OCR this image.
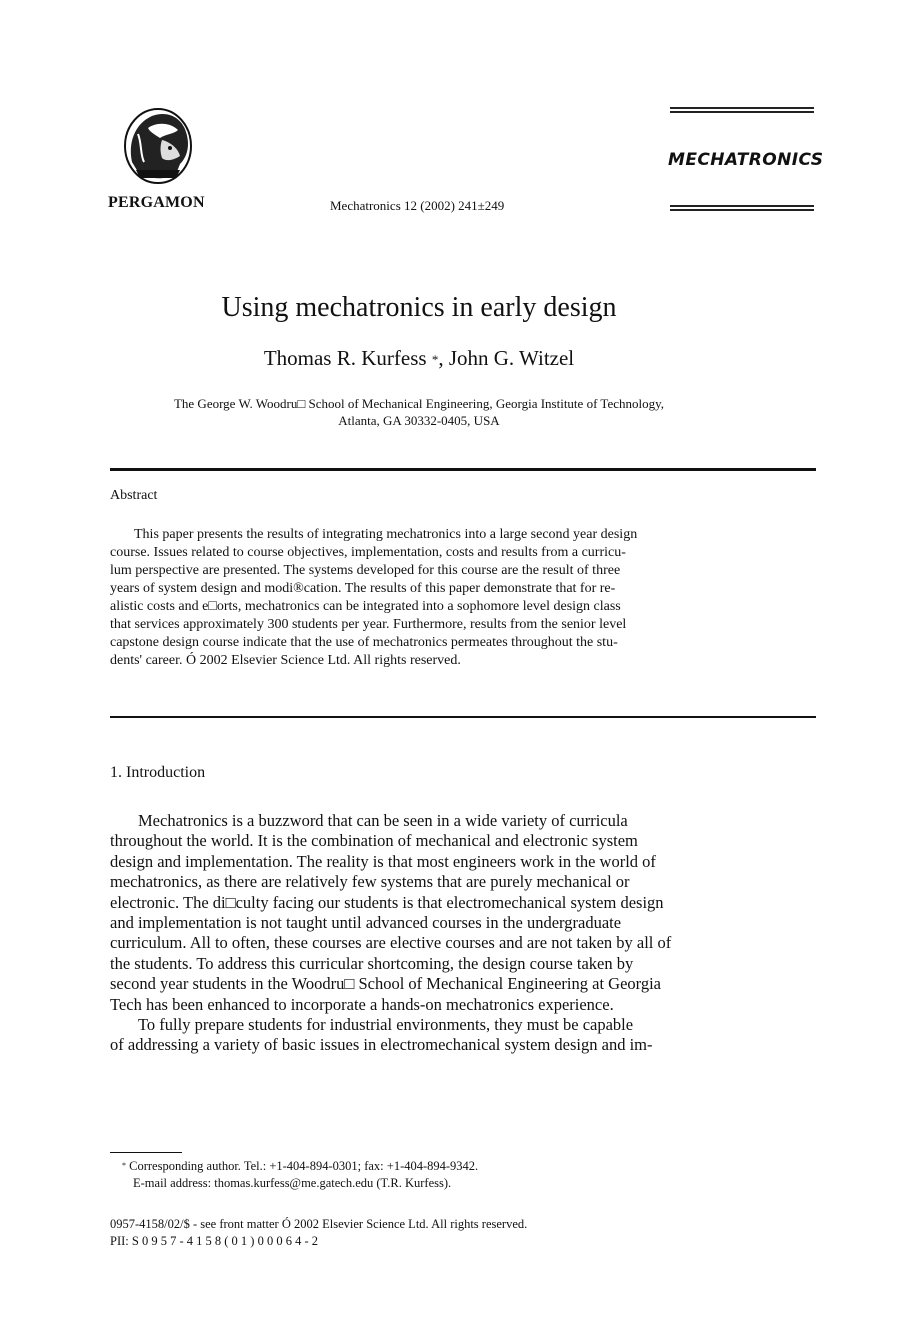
PERGAMON	Mechatronics 12 (2002) 241±249
MECHATRONICS
Using mechatronics in early design
Thomas R. Kurfess *, John G. Witzel
The George W. Woodru□ School of Mechanical Engineering, Georgia Institute of Technology,
Atlanta, GA 30332-0405, USA
Abstract
This paper presents the results of integrating mechatronics into a large second year design
course. Issues related to course objectives, implementation, costs and results from a curricu-
lum perspective are presented. The systems developed for this course are the result of three
years of system design and modi®cation. The results of this paper demonstrate that for re-
alistic costs and e□orts, mechatronics can be integrated into a sophomore level design class
that services approximately 300 students per year. Furthermore, results from the senior level
capstone design course indicate that the use of mechatronics permeates throughout the stu-
dents' career. Ó 2002 Elsevier Science Ltd. All rights reserved.
1. Introduction
Mechatronics is a buzzword that can be seen in a wide variety of curricula
throughout the world. It is the combination of mechanical and electronic system
design and implementation. The reality is that most engineers work in the world of
mechatronics, as there are relatively few systems that are purely mechanical or
electronic. The di□culty facing our students is that electromechanical system design
and implementation is not taught until advanced courses in the undergraduate
curriculum. All to often, these courses are elective courses and are not taken by all of
the students. To address this curricular shortcoming, the design course taken by
second year students in the Woodru□ School of Mechanical Engineering at Georgia
Tech has been enhanced to incorporate a hands-on mechatronics experience.
To fully prepare students for industrial environments, they must be capable
of addressing a variety of basic issues in electromechanical system design and im-
* Corresponding author. Tel.: +1-404-894-0301; fax: +1-404-894-9342.
E-mail address: thomas.kurfess@me.gatech.edu (T.R. Kurfess).
0957-4158/02/$ - see front matter Ó 2002 Elsevier Science Ltd. All rights reserved.
PII: S 0 9 5 7 - 4 1 5 8 ( 0 1 ) 0 0 0 6 4 - 2
